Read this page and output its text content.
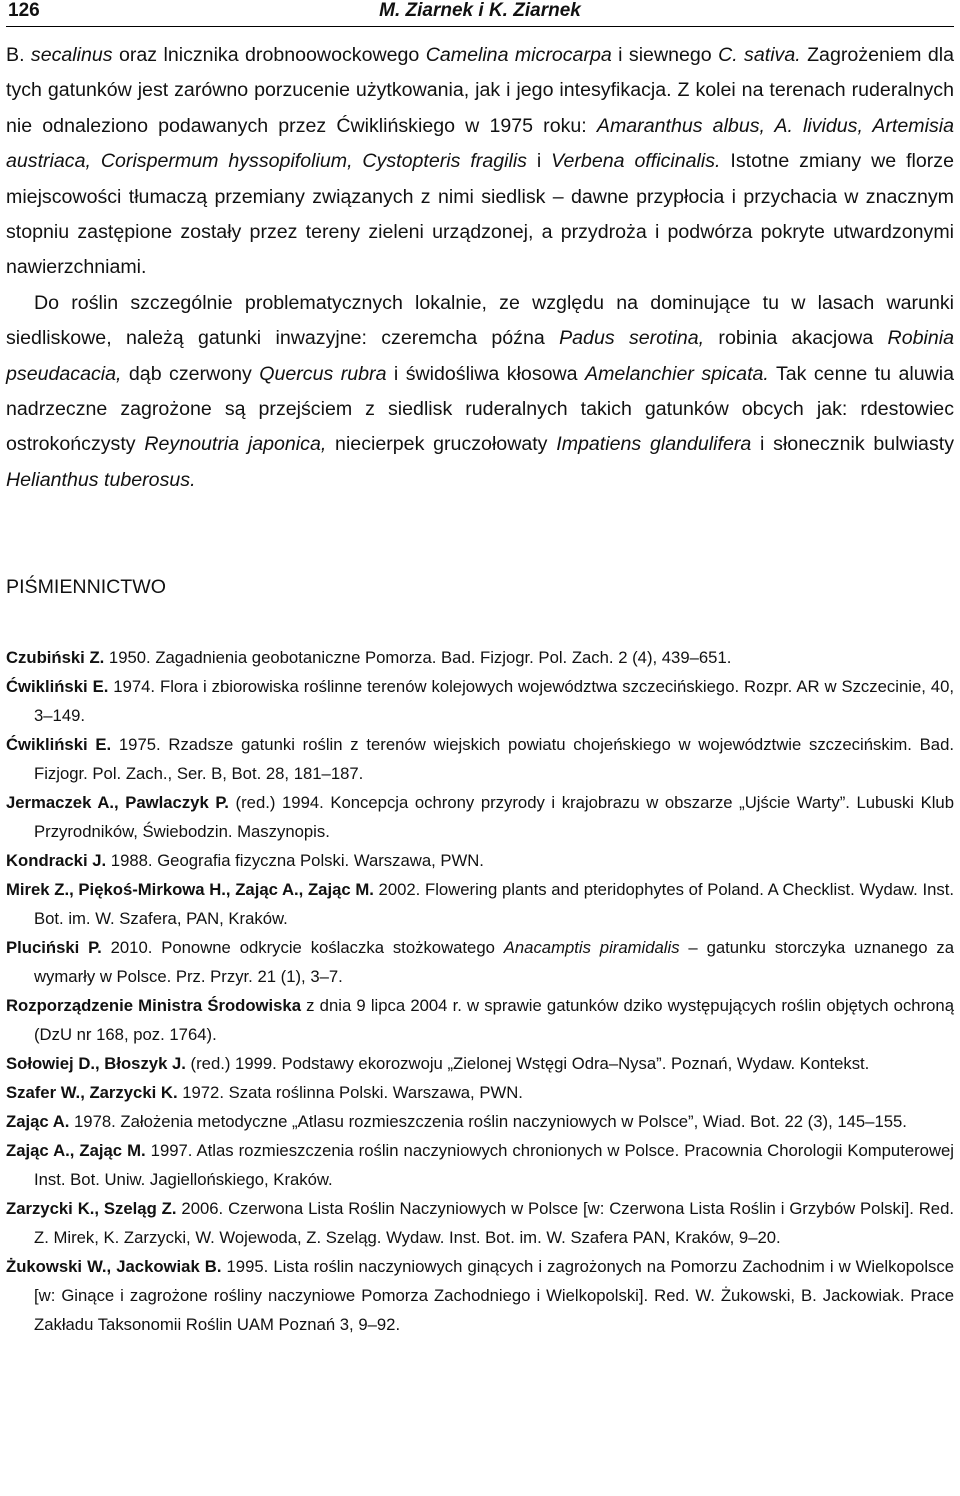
126	M. Ziarnek i K. Ziarnek

B. secalinus oraz lnicznika drobnoowockowego Camelina microcarpa i siewnego C. sativa. Zagrożeniem dla tych gatunków jest zarówno porzucenie użytkowania, jak i jego intesyfikacja. Z kolei na terenach ruderalnych nie odnaleziono podawanych przez Ćwiklińskiego w 1975 roku: Amaranthus albus, A. lividus, Artemisia austriaca, Corispermum hyssopifolium, Cystopteris fragilis i Verbena officinalis. Istotne zmiany we florze miejscowości tłumaczą przemiany związanych z nimi siedlisk – dawne przypłocia i przychacia w znacznym stopniu zastępione zostały przez tereny zieleni urządzonej, a przydroża i podwórza pokryte utwardzonymi nawierzchniami.

Do roślin szczególnie problematycznych lokalnie, ze względu na dominujące tu w lasach warunki siedliskowe, należą gatunki inwazyjne: czeremcha późna Padus serotina, robinia akacjowa Robinia pseudacacia, dąb czerwony Quercus rubra i świdośliwa kłosowa Amelanchier spicata. Tak cenne tu aluwia nadrzeczne zagrożone są przejściem z siedlisk ruderalnych takich gatunków obcych jak: rdestowiec ostrokończysty Reynoutria japonica, niecierpek gruczołowaty Impatiens glandulifera i słonecznik bulwiasty Helianthus tuberosus.

PIŚMIENNICTWO

Czubiński Z. 1950. Zagadnienia geobotaniczne Pomorza. Bad. Fizjogr. Pol. Zach. 2 (4), 439–651.

Ćwikliński E. 1974. Flora i zbiorowiska roślinne terenów kolejowych województwa szczecińskiego. Rozpr. AR w Szczecinie, 40, 3–149.

Ćwikliński E. 1975. Rzadsze gatunki roślin z terenów wiejskich powiatu chojeńskiego w województwie szczecińskim. Bad. Fizjogr. Pol. Zach., Ser. B, Bot. 28, 181–187.

Jermaczek A., Pawlaczyk P. (red.) 1994. Koncepcja ochrony przyrody i krajobrazu w obszarze „Ujście Warty”. Lubuski Klub Przyrodników, Świebodzin. Maszynopis.

Kondracki J. 1988. Geografia fizyczna Polski. Warszawa, PWN.

Mirek Z., Piękoś-Mirkowa H., Zając A., Zając M. 2002. Flowering plants and pteridophytes of Poland. A Checklist. Wydaw. Inst. Bot. im. W. Szafera, PAN, Kraków.

Pluciński P. 2010. Ponowne odkrycie koślaczka stożkowatego Anacamptis piramidalis – gatunku storczyka uznanego za wymarły w Polsce. Prz. Przyr. 21 (1), 3–7.

Rozporządzenie Ministra Środowiska z dnia 9 lipca 2004 r. w sprawie gatunków dziko występujących roślin objętych ochroną (DzU nr 168, poz. 1764).

Sołowiej D., Błoszyk J. (red.) 1999. Podstawy ekorozwoju „Zielonej Wstęgi Odra–Nysa”. Poznań, Wydaw. Kontekst.

Szafer W., Zarzycki K. 1972. Szata roślinna Polski. Warszawa, PWN.

Zając A. 1978. Założenia metodyczne „Atlasu rozmieszczenia roślin naczyniowych w Polsce”, Wiad. Bot. 22 (3), 145–155.

Zając A., Zając M. 1997. Atlas rozmieszczenia roślin naczyniowych chronionych w Polsce. Pracownia Chorologii Komputerowej Inst. Bot. Uniw. Jagiellońskiego, Kraków.

Zarzycki K., Szeląg Z. 2006. Czerwona Lista Roślin Naczyniowych w Polsce [w: Czerwona Lista Roślin i Grzybów Polski]. Red. Z. Mirek, K. Zarzycki, W. Wojewoda, Z. Szeląg. Wydaw. Inst. Bot. im. W. Szafera PAN, Kraków, 9–20.

Żukowski W., Jackowiak B. 1995. Lista roślin naczyniowych ginących i zagrożonych na Pomorzu Zachodnim i w Wielkopolsce [w: Ginące i zagrożone rośliny naczyniowe Pomorza Zachodniego i Wielkopolski]. Red. W. Żukowski, B. Jackowiak. Prace Zakładu Taksonomii Roślin UAM Poznań 3, 9–92.
